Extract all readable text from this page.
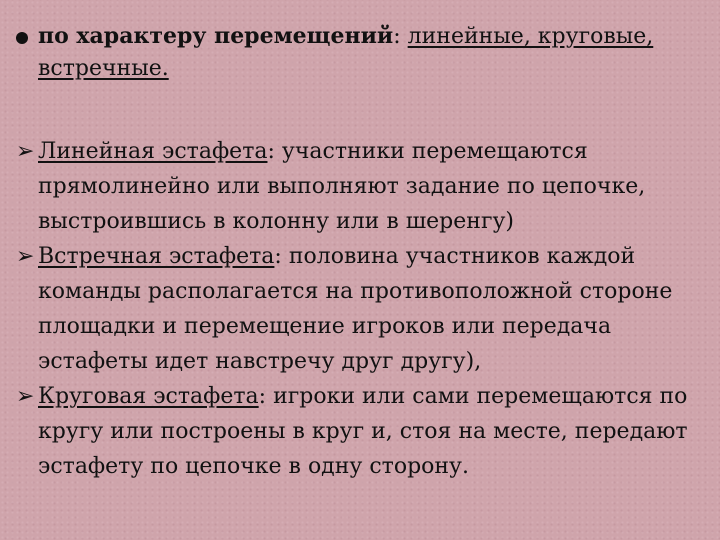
по характеру перемещений: линейные, круговые, встречные.
➢ Линейная эстафета: участники перемещаются прямолинейно или выполняют задание по цепочке, выстроившись в колонну или в шеренгу)
➢ Встречная эстафета: половина участников каждой команды располагается на противоположной стороне площадки и перемещение игроков или передача эстафеты идет навстречу друг другу),
➢ Круговая эстафета: игроки или сами перемещаются по кругу или построены в круг и, стоя на месте, передают эстафету по цепочке в одну сторону.
